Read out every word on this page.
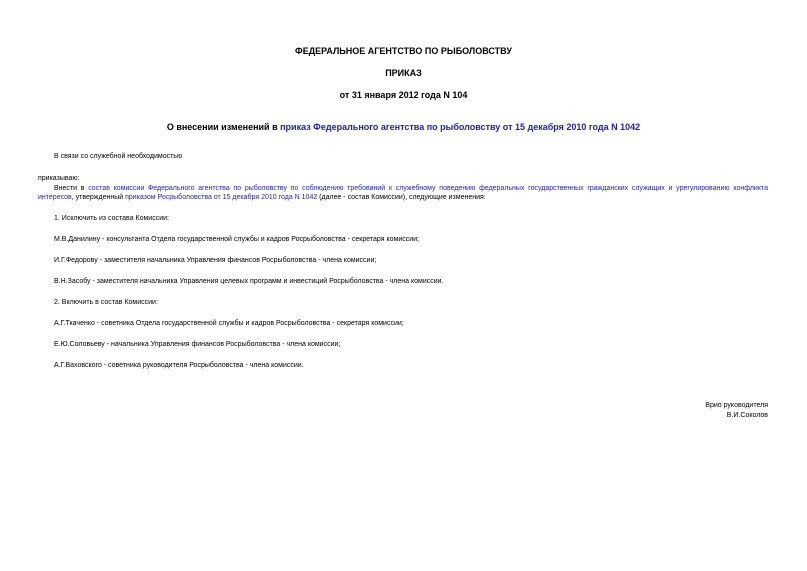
ФЕДЕРАЛЬНОЕ АГЕНТСТВО ПО РЫБОЛОВСТВУ
ПРИКАЗ
от 31 января 2012 года N 104
О внесении изменений в приказ Федерального агентства по рыболовству от 15 декабря 2010 года N 1042
В связи со служебной необходимостью
приказываю:
Внести в состав комиссии Федерального агентства по рыболовству по соблюдению требований к служебному поведению федеральных государственных гражданских служащих и урегулированию конфликта интересов, утвержденный приказом Росрыболовства от 15 декабря 2010 года N 1042 (далее - состав Комиссии), следующие изменения:
1. Исключить из состава Комиссии:
М.В.Данилину - консультанта Отдела государственной службы и кадров Росрыболовства - секретаря комиссии;
И.Г.Федорову - заместителя начальника Управления финансов Росрыболовства - члена комиссии;
В.Н.Засобу - заместителя начальника Управления целевых программ и инвестиций Росрыболовства - члена комиссии.
2. Включить в состав Комиссии:
А.Г.Ткаченко - советника Отдела государственной службы и кадров Росрыболовства - секретаря комиссии;
Е.Ю.Соловьеву - начальника Управления финансов Росрыболовства - члена комиссии;
А.Г.Ваховского - советника руководителя Росрыболовства - члена комиссии.
Врио руководителя
В.И.Соколов
